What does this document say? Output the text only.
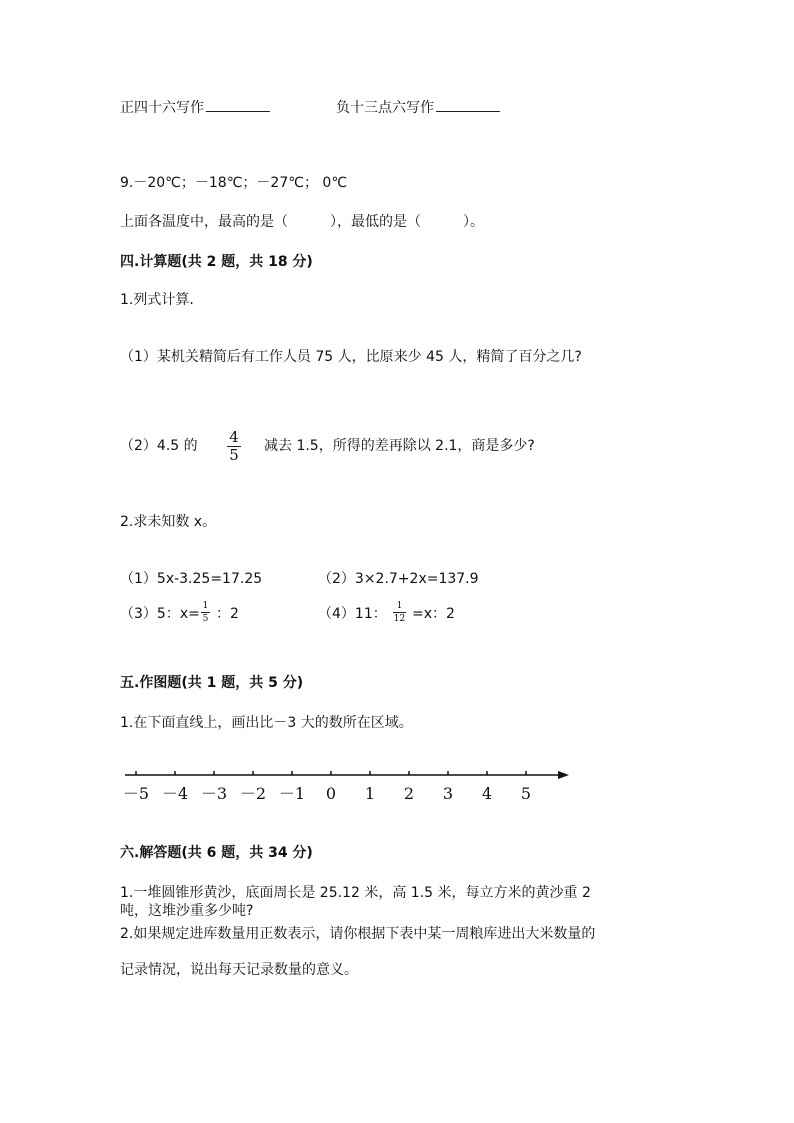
正四十六写作	负十三点六写作
9.－20℃；－18℃；－27℃； 0℃
上面各温度中，最高的是（　　　），最低的是（　　　）。
四.计算题(共 2 题，共 18 分)
1.列式计算.
（1）某机关精简后有工作人员 75 人，比原来少 45 人，精简了百分之几?
（2）4.5 的 4
5 减去 1.5，所得的差再除以 2.1，商是多少?
2.求未知数 x。
（1）5x-3.25=17.25	（2）3×2.7+2x=137.9
（3）5：x= 1
5 ：2	（4）11： 1
12 =x：2
五.作图题(共 1 题，共 5 分)
1.在下面直线上，画出比－3 大的数所在区域。
－5 －4 －3 －2 －1 0 1 2 3 4 5
六.解答题(共 6 题，共 34 分)
1.一堆圆锥形黄沙，底面周长是 25.12 米，高 1.5 米，每立方米的黄沙重 2
吨，这堆沙重多少吨?
2.如果规定进库数量用正数表示，请你根据下表中某一周粮库进出大米数量的
记录情况，说出每天记录数量的意义。
